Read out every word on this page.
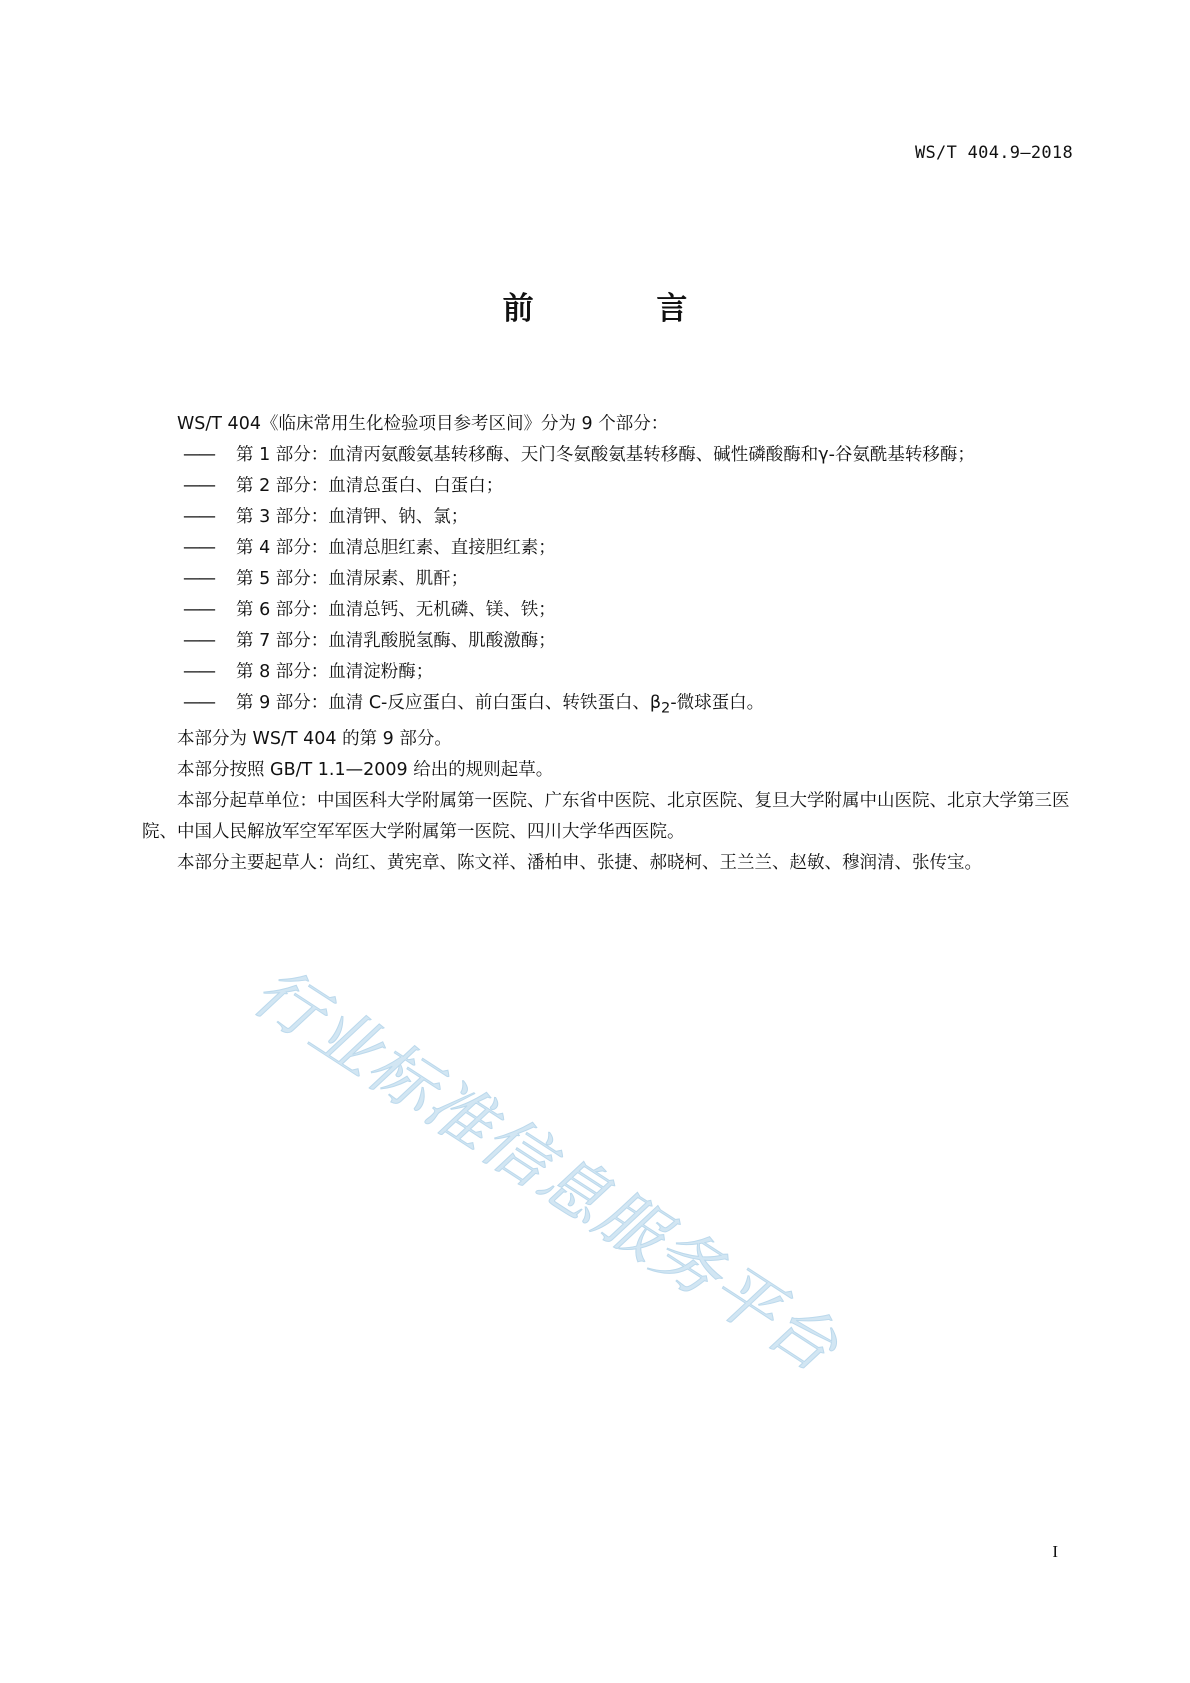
WS/T 404.9—2018
前 言

WS/T 404《临床常用生化检验项目参考区间》分为 9 个部分：

—— 第 1 部分：血清丙氨酸氨基转移酶、天门冬氨酸氨基转移酶、碱性磷酸酶和γ-谷氨酰基转移酶；
—— 第 2 部分：血清总蛋白、白蛋白；
—— 第 3 部分：血清钾、钠、氯；
—— 第 4 部分：血清总胆红素、直接胆红素；
—— 第 5 部分：血清尿素、肌酐；
—— 第 6 部分：血清总钙、无机磷、镁、铁；
—— 第 7 部分：血清乳酸脱氢酶、肌酸激酶；
—— 第 8 部分：血清淀粉酶；
—— 第 9 部分：血清 C-反应蛋白、前白蛋白、转铁蛋白、$\beta_2-$微球蛋白。

本部分为 WS/T 404 的第 9 部分。

本部分按照 GB/T 1.1—2009 给出的规则起草。

本部分起草单位：中国医科大学附属第一医院、广东省中医院、北京医院、复旦大学附属中山医院、北京大学第三医院、中国人民解放军空军军医大学附属第一医院、四川大学华西医院。

本部分主要起草人：尚红、黄宪章、陈文祥、潘柏申、张捷、郝晓柯、王兰兰、赵敏、穆润清、张传宝。

行业标准信息服务平台
I
